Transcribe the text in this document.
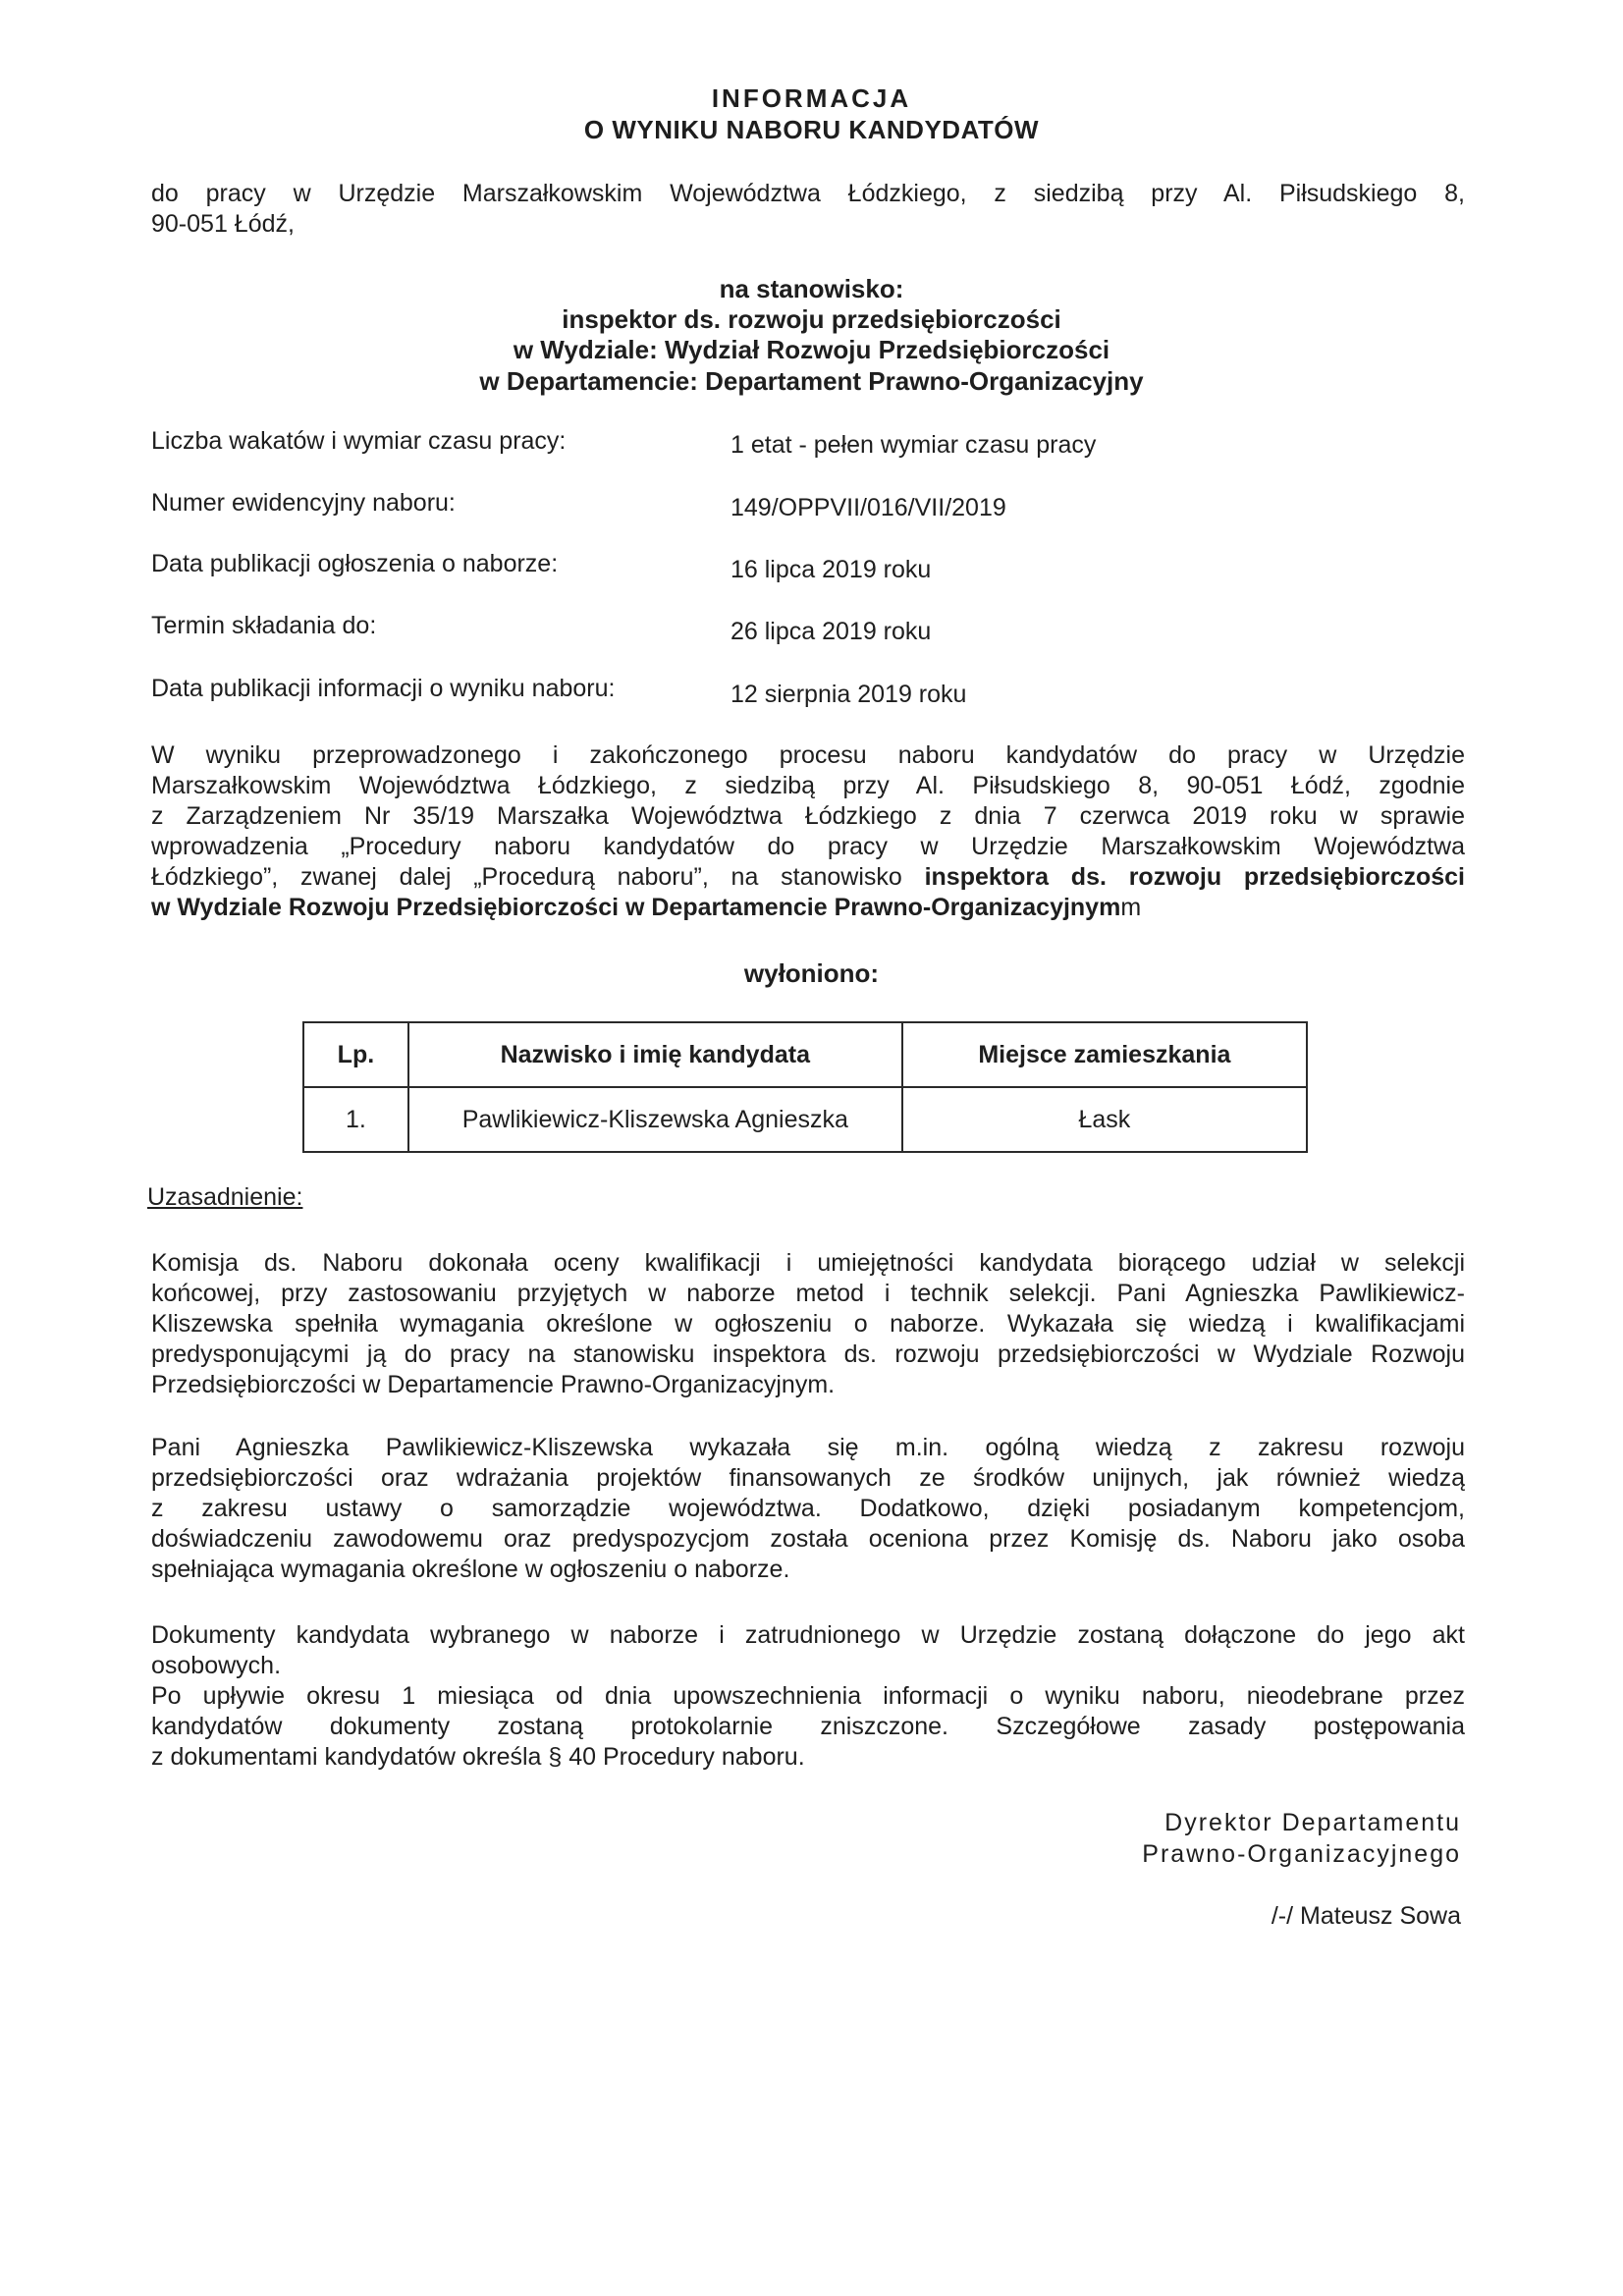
INFORMACJA
O WYNIKU NABORU KANDYDATÓW
do pracy w Urzędzie Marszałkowskim Województwa Łódzkiego, z siedzibą przy Al. Piłsudskiego 8,
90-051 Łódź,
na stanowisko:
inspektor ds. rozwoju przedsiębiorczości
w Wydziale: Wydział Rozwoju Przedsiębiorczości
w Departamencie: Departament Prawno-Organizacyjny
Liczba wakatów i wymiar czasu pracy:	1 etat - pełen wymiar czasu pracy
Numer ewidencyjny naboru:	149/OPPVII/016/VII/2019
Data publikacji ogłoszenia o naborze:	16 lipca 2019 roku
Termin składania do:	26 lipca 2019 roku
Data publikacji informacji o wyniku naboru:	12 sierpnia 2019 roku
W wyniku przeprowadzonego i zakończonego procesu naboru kandydatów do pracy w Urzędzie
Marszałkowskim Województwa Łódzkiego, z siedzibą przy Al. Piłsudskiego 8, 90-051 Łódź, zgodnie
z Zarządzeniem Nr 35/19 Marszałka Województwa Łódzkiego z dnia 7 czerwca 2019 roku w sprawie
wprowadzenia „Procedury naboru kandydatów do pracy w Urzędzie Marszałkowskim Województwa
Łódzkiego”, zwanej dalej „Procedurą naboru”, na stanowisko inspektora ds. rozwoju przedsiębiorczości
w Wydziale Rozwoju Przedsiębiorczości w Departamencie Prawno-Organizacyjnymm
wyłoniono:
Lp.	Nazwisko i imię kandydata	Miejsce zamieszkania
1.	Pawlikiewicz-Kliszewska Agnieszka	Łask
Uzasadnienie:
Komisja ds. Naboru dokonała oceny kwalifikacji i umiejętności kandydata biorącego udział w selekcji
końcowej, przy zastosowaniu przyjętych w naborze metod i technik selekcji. Pani Agnieszka Pawlikiewicz-
Kliszewska spełniła wymagania określone w ogłoszeniu o naborze. Wykazała się wiedzą i kwalifikacjami
predysponującymi ją do pracy na stanowisku inspektora ds. rozwoju przedsiębiorczości w Wydziale Rozwoju
Przedsiębiorczości w Departamencie Prawno-Organizacyjnym.
Pani Agnieszka Pawlikiewicz-Kliszewska wykazała się m.in. ogólną wiedzą z zakresu rozwoju
przedsiębiorczości oraz wdrażania projektów finansowanych ze środków unijnych, jak również wiedzą
z zakresu ustawy o samorządzie województwa. Dodatkowo, dzięki posiadanym kompetencjom,
doświadczeniu zawodowemu oraz predyspozycjom została oceniona przez Komisję ds. Naboru jako osoba
spełniająca wymagania określone w ogłoszeniu o naborze.
Dokumenty kandydata wybranego w naborze i zatrudnionego w Urzędzie zostaną dołączone do jego akt
osobowych.
Po upływie okresu 1 miesiąca od dnia upowszechnienia informacji o wyniku naboru, nieodebrane przez
kandydatów dokumenty zostaną protokolarnie zniszczone. Szczegółowe zasady postępowania
z dokumentami kandydatów określa § 40 Procedury naboru.
Dyrektor Departamentu
Prawno-Organizacyjnego
/-/ Mateusz Sowa
